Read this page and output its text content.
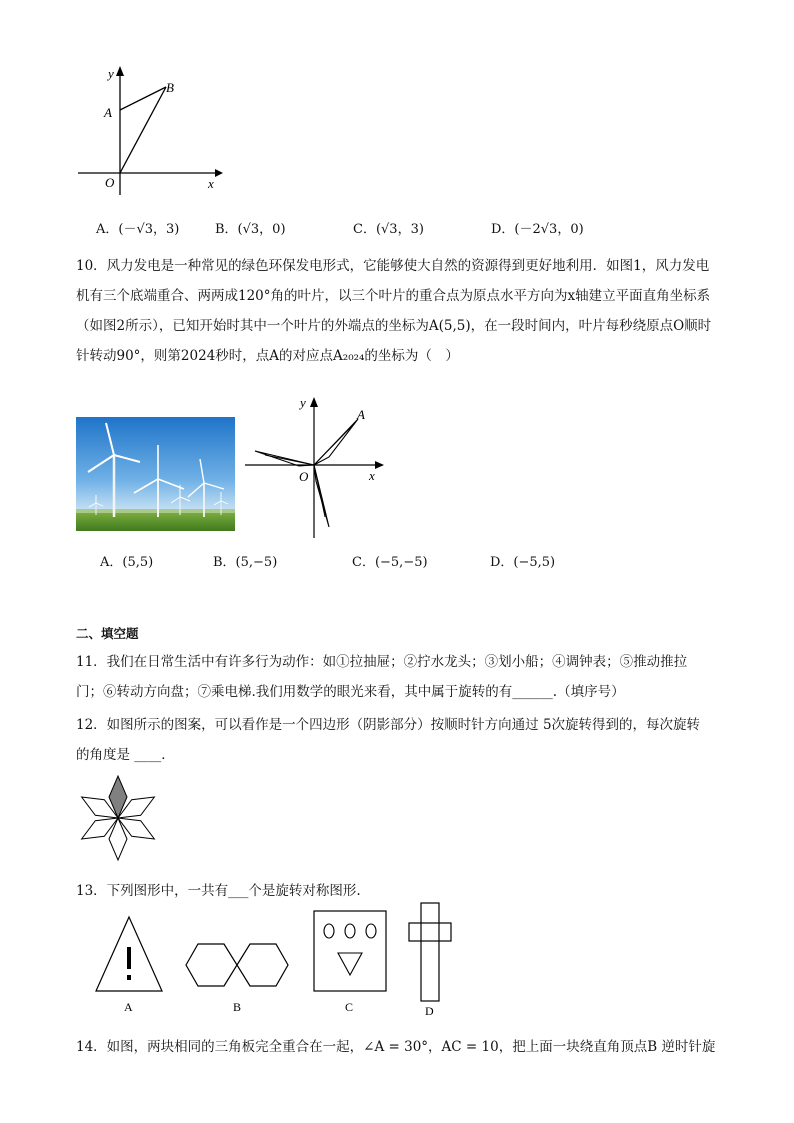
y
x
O
A
B
A．(－√3，3)	B．(√3，0)	C．(√3，3)	D．(－2√3，0)
10．风力发电是一种常见的绿色环保发电形式，它能够使大自然的资源得到更好地利用．如图1，风力发电机有三个底端重合、两两成120°角的叶片，以三个叶片的重合点为原点水平方向为x轴建立平面直角坐标系（如图2所示），已知开始时其中一个叶片的外端点的坐标为A(5,5)，在一段时间内，叶片每秒绕原点O顺时针转动90°，则第2024秒时，点A的对应点A₂₀₂₄的坐标为（　）
y
x
O
A
A．(5,5)	B．(5,−5)	C．(−5,−5)	D．(−5,5)
二、填空题
11．我们在日常生活中有许多行为动作：如①拉抽屉；②拧水龙头；③划小船；④调钟表；⑤推动推拉
门；⑥转动方向盘；⑦乘电梯.我们用数学的眼光来看，其中属于旋转的有______.（填序号）
12．如图所示的图案，可以看作是一个四边形（阴影部分）按顺时针方向通过 5次旋转得到的，每次旋转
的角度是 ____．
13．下列图形中，一共有___个是旋转对称图形.
A	B	C	D
14．如图，两块相同的三角板完全重合在一起，∠A = 30°，AC = 10，把上面一块绕直角顶点B 逆时针旋
